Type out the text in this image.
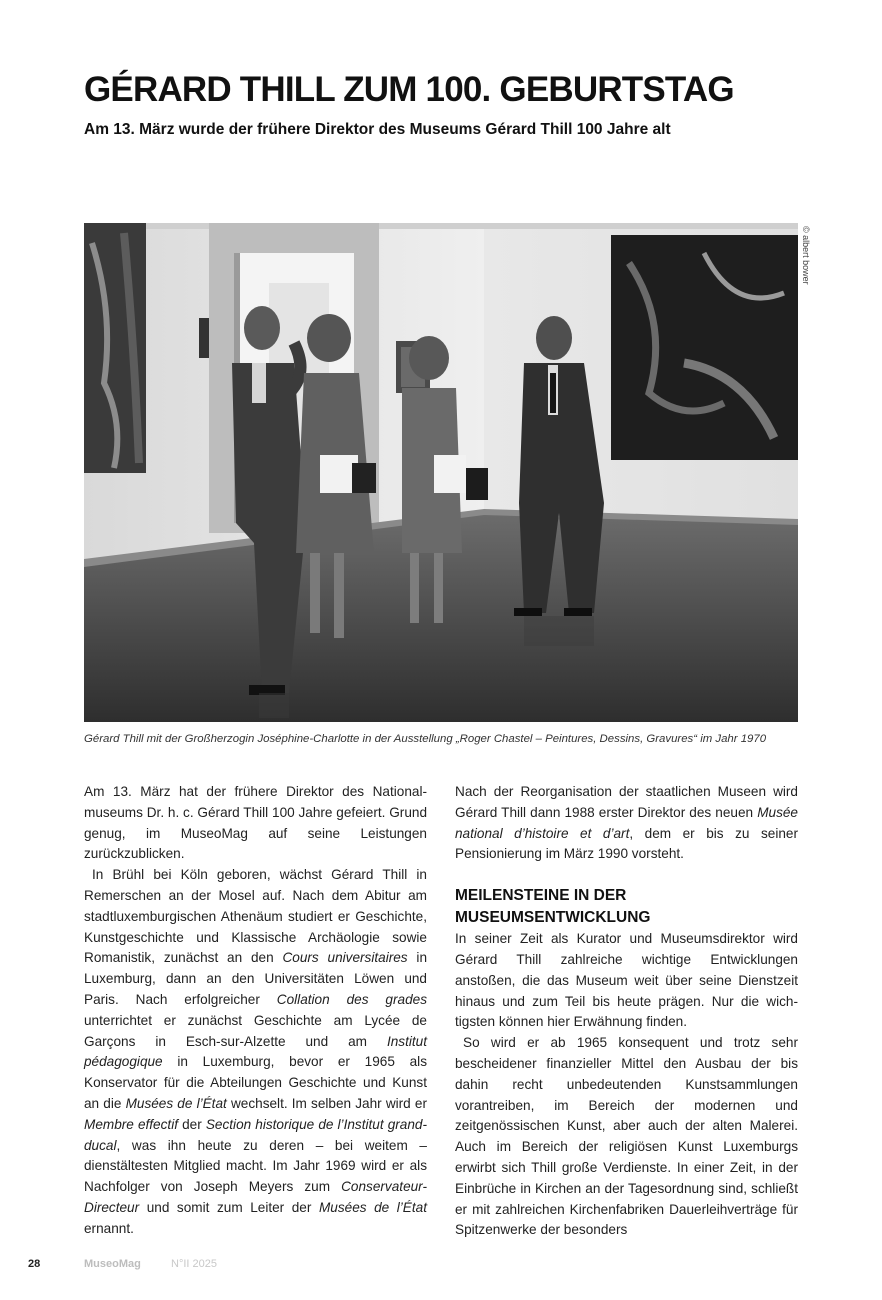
GÉRARD THILL ZUM 100. GEBURTSTAG

Am 13. März wurde der frühere Direktor des Museums Gérard Thill 100 Jahre alt

© albert bower

Gérard Thill mit der Großherzogin Joséphine-Charlotte in der Ausstellung „Roger Chastel – Peintures, Dessins, Gravures“ im Jahr 1970

Am 13. März hat der frühere Direktor des Nationalmuseums Dr. h. c. Gérard Thill 100 Jahre gefeiert. Grund genug, im MuseoMag auf seine Leistungen zurückzublicken.

In Brühl bei Köln geboren, wächst Gérard Thill in Remerschen an der Mosel auf. Nach dem Abitur am stadtluxemburgischen Athenäum studiert er Geschichte, Kunstgeschichte und Klassische Archäologie sowie Romanistik, zunächst an den Cours universitaires in Luxemburg, dann an den Universitäten Löwen und Paris. Nach erfolgreicher Collation des grades unterrichtet er zunächst Geschichte am Lycée de Garçons in Esch-sur-Alzette und am Institut pédagogique in Luxemburg, bevor er 1965 als Konservator für die Abteilungen Geschichte und Kunst an die Musées de l’État wechselt. Im selben Jahr wird er Membre effectif der Section historique de l’Institut grand-ducal, was ihn heute zu deren – bei weitem – dienstältesten Mitglied macht. Im Jahr 1969 wird er als Nachfolger von Joseph Meyers zum Conservateur-Directeur und somit zum Leiter der Musées de l’État ernannt.

Nach der Reorganisation der staatlichen Museen wird Gérard Thill dann 1988 erster Direktor des neuen Musée national d’histoire et d’art, dem er bis zu seiner Pensionierung im März 1990 vorsteht.

MEILENSTEINE IN DER MUSEUMSENTWICKLUNG

In seiner Zeit als Kurator und Museumsdirektor wird Gérard Thill zahlreiche wichtige Entwicklungen anstoßen, die das Museum weit über seine Dienstzeit hinaus und zum Teil bis heute prägen. Nur die wichtigsten können hier Erwähnung finden.

So wird er ab 1965 konsequent und trotz sehr bescheidener finanzieller Mittel den Ausbau der bis dahin recht unbedeutenden Kunstsammlungen vorantreiben, im Bereich der modernen und zeitgenössischen Kunst, aber auch der alten Malerei. Auch im Bereich der religiösen Kunst Luxemburgs erwirbt sich Thill große Verdienste. In einer Zeit, in der Einbrüche in Kirchen an der Tagesordnung sind, schließt er mit zahlreichen Kirchenfabriken Dauerleihverträge für Spitzenwerke der besonders

28	MuseoMag	N°II 2025
